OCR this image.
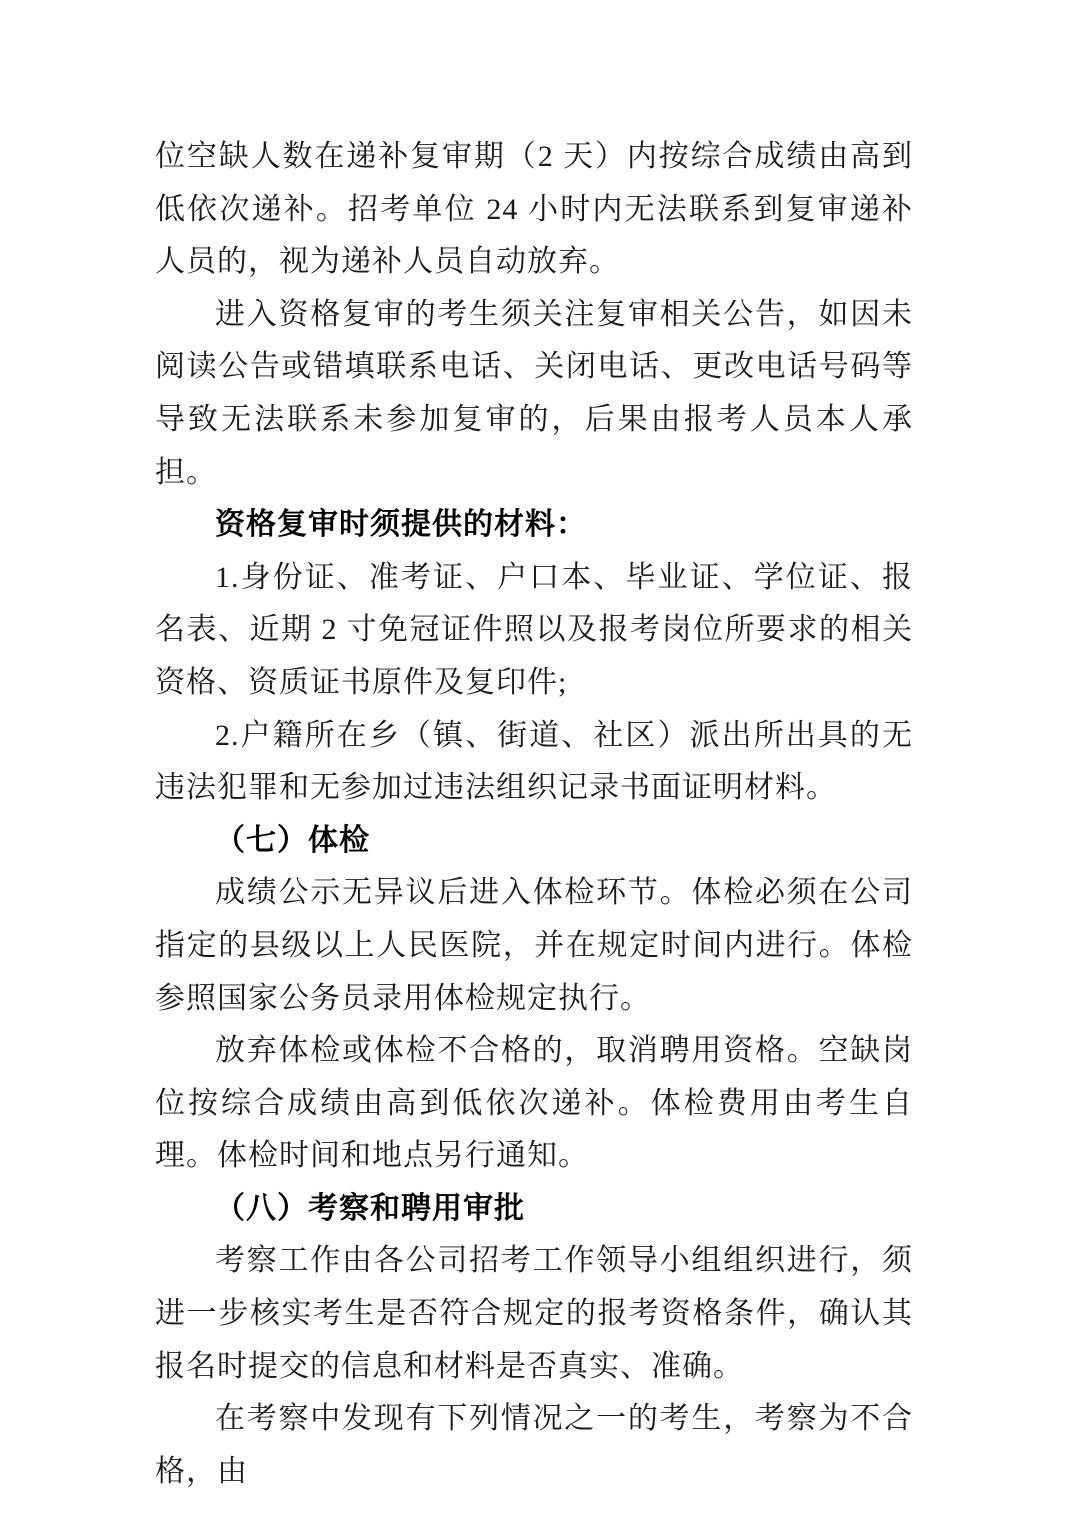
位空缺人数在递补复审期（2 天）内按综合成绩由高到低依次递补。招考单位 24 小时内无法联系到复审递补人员的，视为递补人员自动放弃。

进入资格复审的考生须关注复审相关公告，如因未阅读公告或错填联系电话、关闭电话、更改电话号码等导致无法联系未参加复审的，后果由报考人员本人承担。

资格复审时须提供的材料：

1.身份证、准考证、户口本、毕业证、学位证、报名表、近期 2 寸免冠证件照以及报考岗位所要求的相关资格、资质证书原件及复印件;

2.户籍所在乡（镇、街道、社区）派出所出具的无违法犯罪和无参加过违法组织记录书面证明材料。

（七）体检

成绩公示无异议后进入体检环节。体检必须在公司指定的县级以上人民医院，并在规定时间内进行。体检参照国家公务员录用体检规定执行。

放弃体检或体检不合格的，取消聘用资格。空缺岗位按综合成绩由高到低依次递补。体检费用由考生自理。体检时间和地点另行通知。

（八）考察和聘用审批

考察工作由各公司招考工作领导小组组织进行，须进一步核实考生是否符合规定的报考资格条件，确认其报名时提交的信息和材料是否真实、准确。

在考察中发现有下列情况之一的考生，考察为不合格，由
